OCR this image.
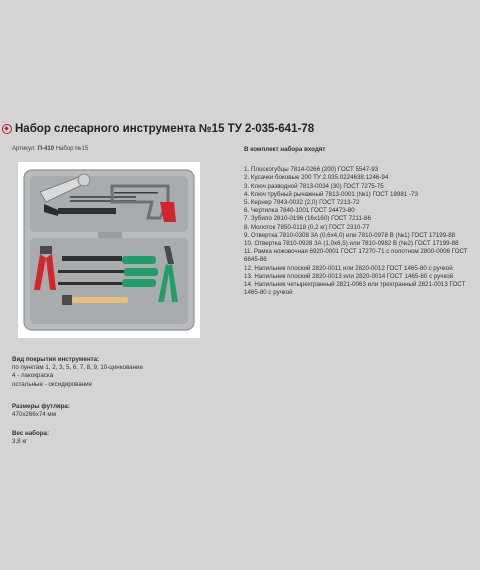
Набор слесарного инструмента №15 ТУ 2-035-641-78
Артикул: П-410 Набор №15	В комплект набора входят
1. Плоскогубцы 7814-0266 (200) ГОСТ 5547-93
2. Кусачки боковые 200 ТУ 2.035.0224638.1246-94
3. Ключ разводной 7813-0034 (30) ГОСТ 7275-75
4. Ключ трубный рычажный 7813-0001 (№1) ГОСТ 18981 -73
5. Кернер 7843-0032 (2,0) ГОСТ 7213-72
6. Чертилка 7840-1001 ГОСТ 24473-80
7. Зубило 2810-0196 (16х160) ГОСТ 7211-86
8. Молоток 7850-0118 (0,2 кг) ГОСТ 2310-77
9. Отвертка 7810-0308 3А (0,6х4,0) или 7810-0978 В (№1) ГОСТ 17199-88
10. Отвертка 7810-0928 3А (1,0х6,5) или 7810-0982 В (№2) ГОСТ 17199-88
11. Рамка ножовочная 6920-0001 ГОСТ 17270-71 с полотном 2800-0006 ГОСТ 6645-86
12. Напильник плоский 2820-0011 или 2820-0012 ГОСТ 1465-80 с ручкой
13. Напильник плоский 2820-0013 или 2820-0014 ГОСТ 1465-80 с ручкой
14. Напильник четырехгранный 2821-0063 или трехгранный 2821-0013 ГОСТ 1465-80 с ручкой
Вид покрытия инструмента:
по пунктам 1, 2, 3, 5, 6, 7, 8, 9, 10-цинкование
4 - лакокраска
остальные - оксидирование
Размеры футляра:
470х266х74 мм
Вес набора:
3,8 кг
